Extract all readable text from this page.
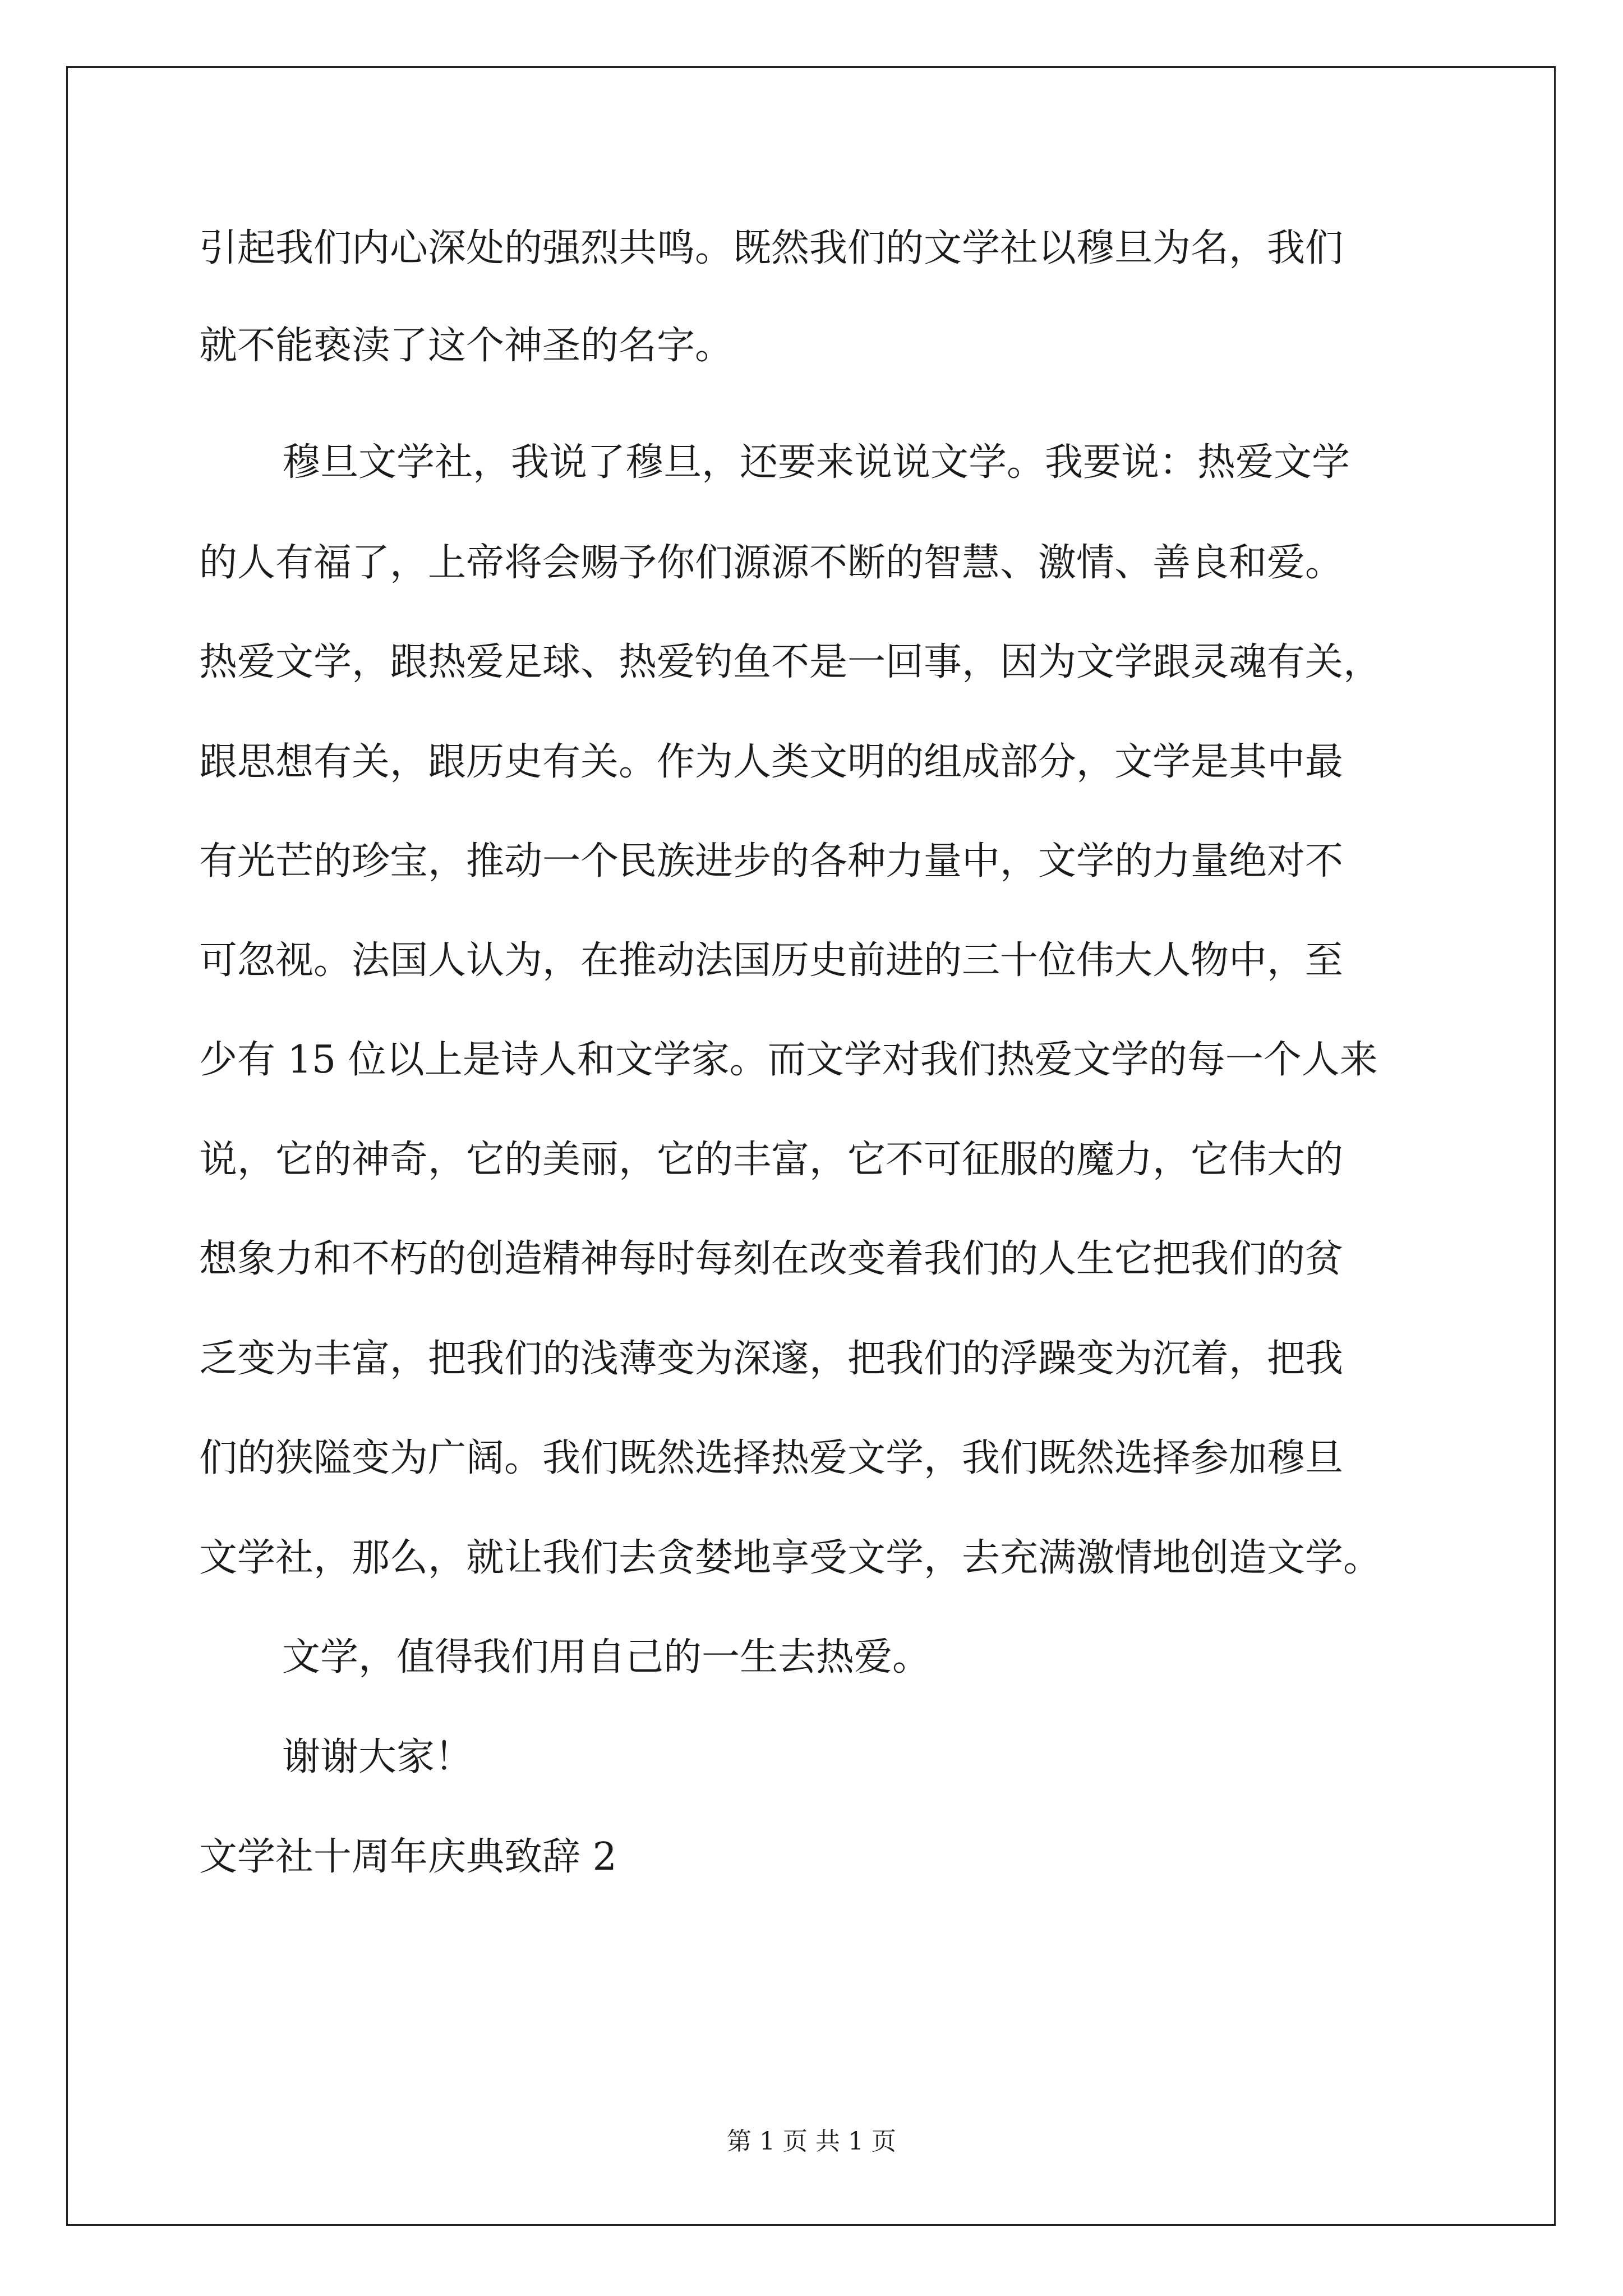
引起我们内心深处的强烈共鸣。既然我们的文学社以穆旦为名，我们
就不能亵渎了这个神圣的名字。
穆旦文学社，我说了穆旦，还要来说说文学。我要说：热爱文学
的人有福了，上帝将会赐予你们源源不断的智慧、激情、善良和爱。
热爱文学，跟热爱足球、热爱钓鱼不是一回事，因为文学跟灵魂有关，
跟思想有关，跟历史有关。作为人类文明的组成部分，文学是其中最
有光芒的珍宝，推动一个民族进步的各种力量中，文学的力量绝对不
可忽视。法国人认为，在推动法国历史前进的三十位伟大人物中，至
少有 15 位以上是诗人和文学家。而文学对我们热爱文学的每一个人来
说，它的神奇，它的美丽，它的丰富，它不可征服的魔力，它伟大的
想象力和不朽的创造精神每时每刻在改变着我们的人生它把我们的贫
乏变为丰富，把我们的浅薄变为深邃，把我们的浮躁变为沉着，把我
们的狭隘变为广阔。我们既然选择热爱文学，我们既然选择参加穆旦
文学社，那么，就让我们去贪婪地享受文学，去充满激情地创造文学。
文学，值得我们用自己的一生去热爱。
谢谢大家！
文学社十周年庆典致辞 2
第 1 页 共 1 页
